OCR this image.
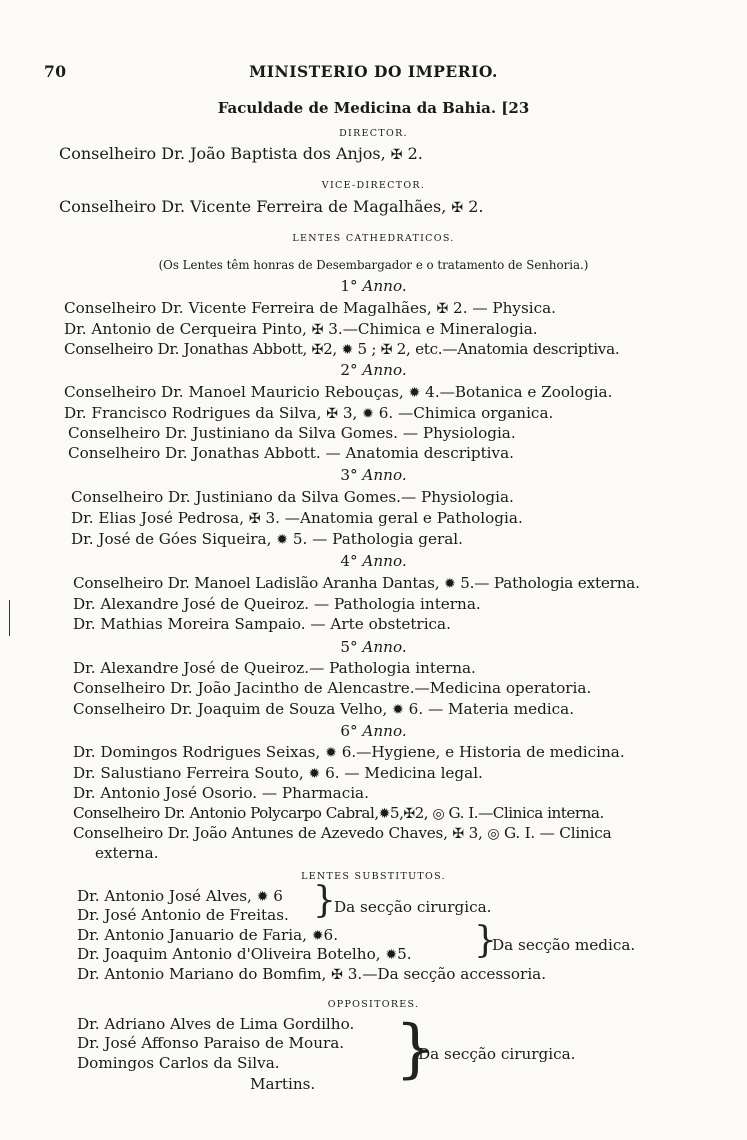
70	MINISTERIO DO IMPERIO.
Faculdade de Medicina da Bahia. [23
DIRECTOR.
Conselheiro Dr. João Baptista dos Anjos, ✠ 2.
VICE-DIRECTOR.
Conselheiro Dr. Vicente Ferreira de Magalhães, ✠ 2.
LENTES CATHEDRATICOS.
(Os Lentes têm honras de Desembargador e o tratamento de Senhoria.)
1° Anno.
Conselheiro Dr. Vicente Ferreira de Magalhães, ✠ 2. — Physica.
Dr. Antonio de Cerqueira Pinto, ✠ 3.—Chimica e Mineralogia.
Conselheiro Dr. Jonathas Abbott, ✠2, ✹ 5 ; ✠ 2, etc.—Anatomia descriptiva.
2° Anno.
Conselheiro Dr. Manoel Mauricio Rebouças, ✹ 4.—Botanica e Zoologia.
Dr. Francisco Rodrigues da Silva, ✠ 3, ✹ 6. —Chimica organica.
Conselheiro Dr. Justiniano da Silva Gomes. — Physiologia.
Conselheiro Dr. Jonathas Abbott. — Anatomia descriptiva.
3° Anno.
Conselheiro Dr. Justiniano da Silva Gomes.— Physiologia.
Dr. Elias José Pedrosa, ✠ 3. —Anatomia geral e Pathologia.
Dr. José de Góes Siqueira, ✹ 5. — Pathologia geral.
4° Anno.
Conselheiro Dr. Manoel Ladislão Aranha Dantas, ✹ 5.— Pathologia externa.
Dr. Alexandre José de Queiroz. — Pathologia interna.
Dr. Mathias Moreira Sampaio. — Arte obstetrica.
5° Anno.
Dr. Alexandre José de Queiroz.— Pathologia interna.
Conselheiro Dr. João Jacintho de Alencastre.—Medicina operatoria.
Conselheiro Dr. Joaquim de Souza Velho, ✹ 6. — Materia medica.
6° Anno.
Dr. Domingos Rodrigues Seixas, ✹ 6.—Hygiene, e Historia de medicina.
Dr. Salustiano Ferreira Souto, ✹ 6. — Medicina legal.
Dr. Antonio José Osorio. — Pharmacia.
Conselheiro Dr. Antonio Polycarpo Cabral,✹5,✠2, ◎ G. I.—Clinica interna.
Conselheiro Dr. João Antunes de Azevedo Chaves, ✠ 3, ◎ G. I. — Clinica
externa.
LENTES SUBSTITUTOS.
Dr. Antonio José Alves, ✹ 6
Dr. José Antonio de Freitas. }
Da secção cirurgica.
Dr. Antonio Januario de Faria, ✹6.
Dr. Joaquim Antonio d'Oliveira Botelho, ✹5. }
Da secção medica.
Dr. Antonio Mariano do Bomfim, ✠ 3.—Da secção accessoria.
OPPOSITORES.
Dr. Adriano Alves de Lima Gordilho.
Dr. José Affonso Paraiso de Moura.
Domingos Carlos da Silva.
Martins. }
Da secção cirurgica.
